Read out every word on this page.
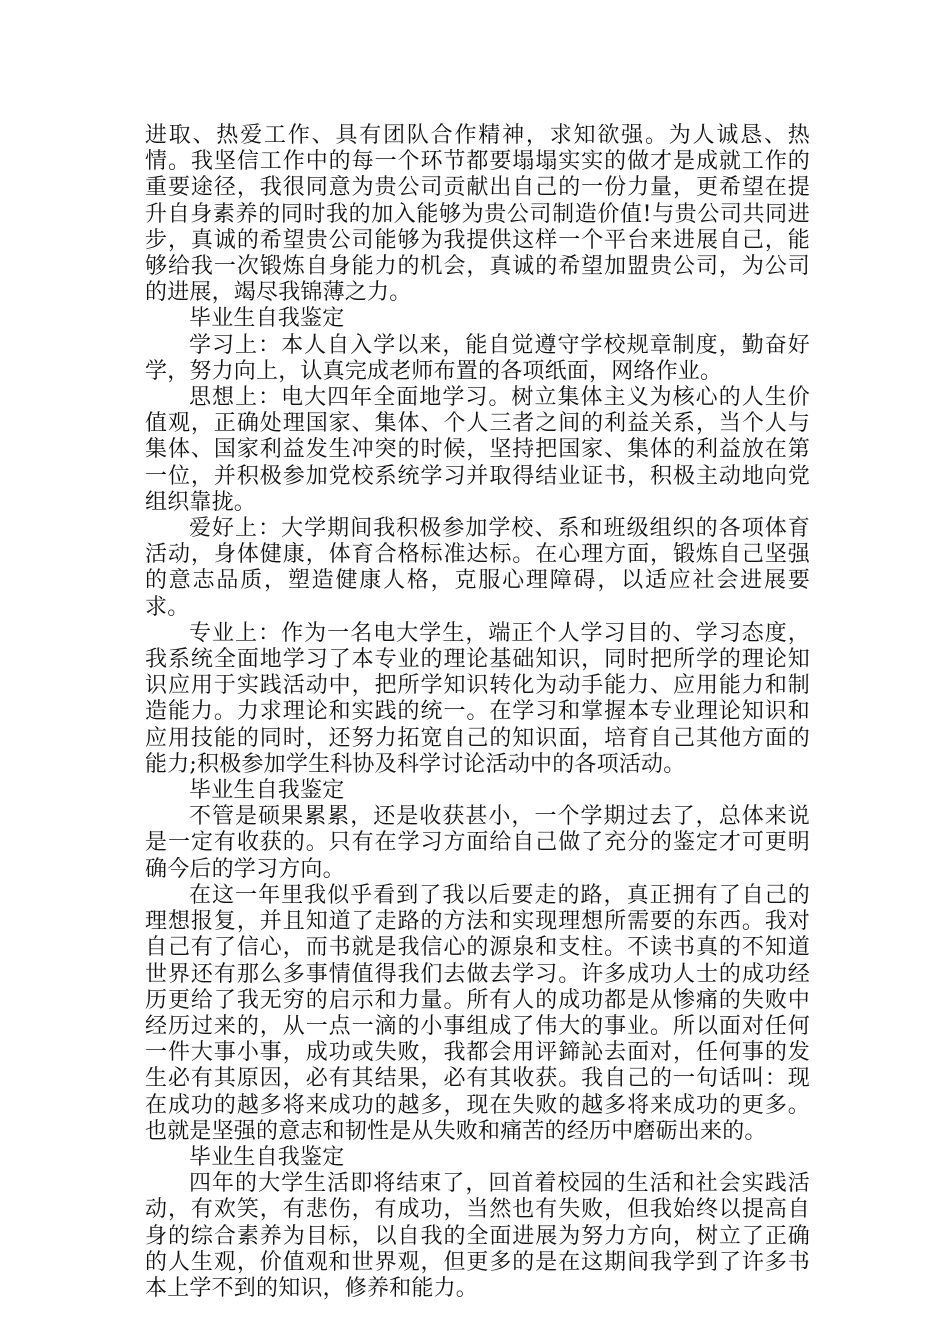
进取、热爱工作、具有团队合作精神，求知欲强。为人诚恳、热情。我坚信工作中的每一个环节都要塌塌实实的做才是成就工作的重要途径，我很同意为贵公司贡献出自己的一份力量，更希望在提升自身素养的同时我的加入能够为贵公司制造价值!与贵公司共同进步，真诚的希望贵公司能够为我提供这样一个平台来进展自己，能够给我一次锻炼自身能力的机会，真诚的希望加盟贵公司，为公司的进展，竭尽我锦薄之力。

毕业生自我鉴定

学习上：本人自入学以来，能自觉遵守学校规章制度，勤奋好学，努力向上，认真完成老师布置的各项纸面，网络作业。

思想上：电大四年全面地学习。树立集体主义为核心的人生价值观，正确处理国家、集体、个人三者之间的利益关系，当个人与集体、国家利益发生冲突的时候，坚持把国家、集体的利益放在第一位，并积极参加党校系统学习并取得结业证书，积极主动地向党组织靠拢。

爱好上：大学期间我积极参加学校、系和班级组织的各项体育活动，身体健康，体育合格标准达标。在心理方面，锻炼自己坚强的意志品质，塑造健康人格，克服心理障碍，以适应社会进展要求。

专业上：作为一名电大学生，端正个人学习目的、学习态度，我系统全面地学习了本专业的理论基础知识，同时把所学的理论知识应用于实践活动中，把所学知识转化为动手能力、应用能力和制造能力。力求理论和实践的统一。在学习和掌握本专业理论知识和应用技能的同时，还努力拓宽自己的知识面，培育自己其他方面的能力;积极参加学生科协及科学讨论活动中的各项活动。

毕业生自我鉴定

不管是硕果累累，还是收获甚小，一个学期过去了，总体来说是一定有收获的。只有在学习方面给自己做了充分的鉴定才可更明确今后的学习方向。

在这一年里我似乎看到了我以后要走的路，真正拥有了自己的理想报复，并且知道了走路的方法和实现理想所需要的东西。我对自己有了信心，而书就是我信心的源泉和支柱。不读书真的不知道世界还有那么多事情值得我们去做去学习。许多成功人士的成功经历更给了我无穷的启示和力量。所有人的成功都是从惨痛的失败中经历过来的，从一点一滴的小事组成了伟大的事业。所以面对任何一件大事小事，成功或失败，我都会用评鍗訫去面对，任何事的发生必有其原因，必有其结果，必有其收获。我自己的一句话叫：现在成功的越多将来成功的越多，现在失败的越多将来成功的更多。也就是坚强的意志和韧性是从失败和痛苦的经历中磨砺出来的。

毕业生自我鉴定

四年的大学生活即将结束了，回首着校园的生活和社会实践活动，有欢笑，有悲伤，有成功，当然也有失败，但我始终以提高自身的综合素养为目标，以自我的全面进展为努力方向，树立了正确的人生观，价值观和世界观，但更多的是在这期间我学到了许多书本上学不到的知识，修养和能力。
